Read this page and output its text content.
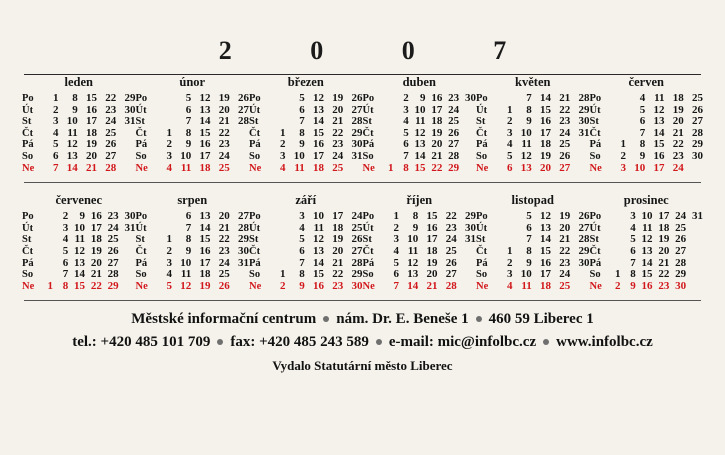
2 0 0 7
leden
Po	1	8	15	22	29
Út	2	9	16	23	30
St	3	10	17	24	31
Čt	4	11	18	25	
Pá	5	12	19	26	
So	6	13	20	27	
Ne	7	14	21	28	
únor
Po		5	12	19	26
Út		6	13	20	27
St		7	14	21	28
Čt	1	8	15	22	
Pá	2	9	16	23	
So	3	10	17	24	
Ne	4	11	18	25	
březen
Po		5	12	19	26
Út		6	13	20	27
St		7	14	21	28
Čt	1	8	15	22	29
Pá	2	9	16	23	30
So	3	10	17	24	31
Ne	4	11	18	25	
duben
Po		2	9	16	23	30
Út		3	10	17	24	
St		4	11	18	25	
Čt		5	12	19	26	
Pá		6	13	20	27	
So		7	14	21	28	
Ne	1	8	15	22	29	
květen
Po		7	14	21	28
Út	1	8	15	22	29
St	2	9	16	23	30
Čt	3	10	17	24	31
Pá	4	11	18	25	
So	5	12	19	26	
Ne	6	13	20	27	
červen
Po		4	11	18	25
Út		5	12	19	26
St		6	13	20	27
Čt		7	14	21	28
Pá	1	8	15	22	29
So	2	9	16	23	30
Ne	3	10	17	24	
červenec
Po		2	9	16	23	30
Út		3	10	17	24	31
St		4	11	18	25	
Čt		5	12	19	26	
Pá		6	13	20	27	
So		7	14	21	28	
Ne	1	8	15	22	29	
srpen
Po		6	13	20	27
Út		7	14	21	28
St	1	8	15	22	29
Čt	2	9	16	23	30
Pá	3	10	17	24	31
So	4	11	18	25	
Ne	5	12	19	26	
září
Po		3	10	17	24
Út		4	11	18	25
St		5	12	19	26
Čt		6	13	20	27
Pá		7	14	21	28
So	1	8	15	22	29
Ne	2	9	16	23	30
říjen
Po	1	8	15	22	29
Út	2	9	16	23	30
St	3	10	17	24	31
Čt	4	11	18	25	
Pá	5	12	19	26	
So	6	13	20	27	
Ne	7	14	21	28	
listopad
Po		5	12	19	26
Út		6	13	20	27
St		7	14	21	28
Čt	1	8	15	22	29
Pá	2	9	16	23	30
So	3	10	17	24	
Ne	4	11	18	25	
prosinec
Po		3	10	17	24	31
Út		4	11	18	25	
St		5	12	19	26	
Čt		6	13	20	27	
Pá		7	14	21	28	
So	1	8	15	22	29	
Ne	2	9	16	23	30	
Městské informační centrum nám. Dr. E. Beneše 1 460 59 Liberec 1
tel.: +420 485 101 709 fax: +420 485 243 589 e-mail: mic@infolbc.cz www.infolbc.cz
Vydalo Statutární město Liberec
